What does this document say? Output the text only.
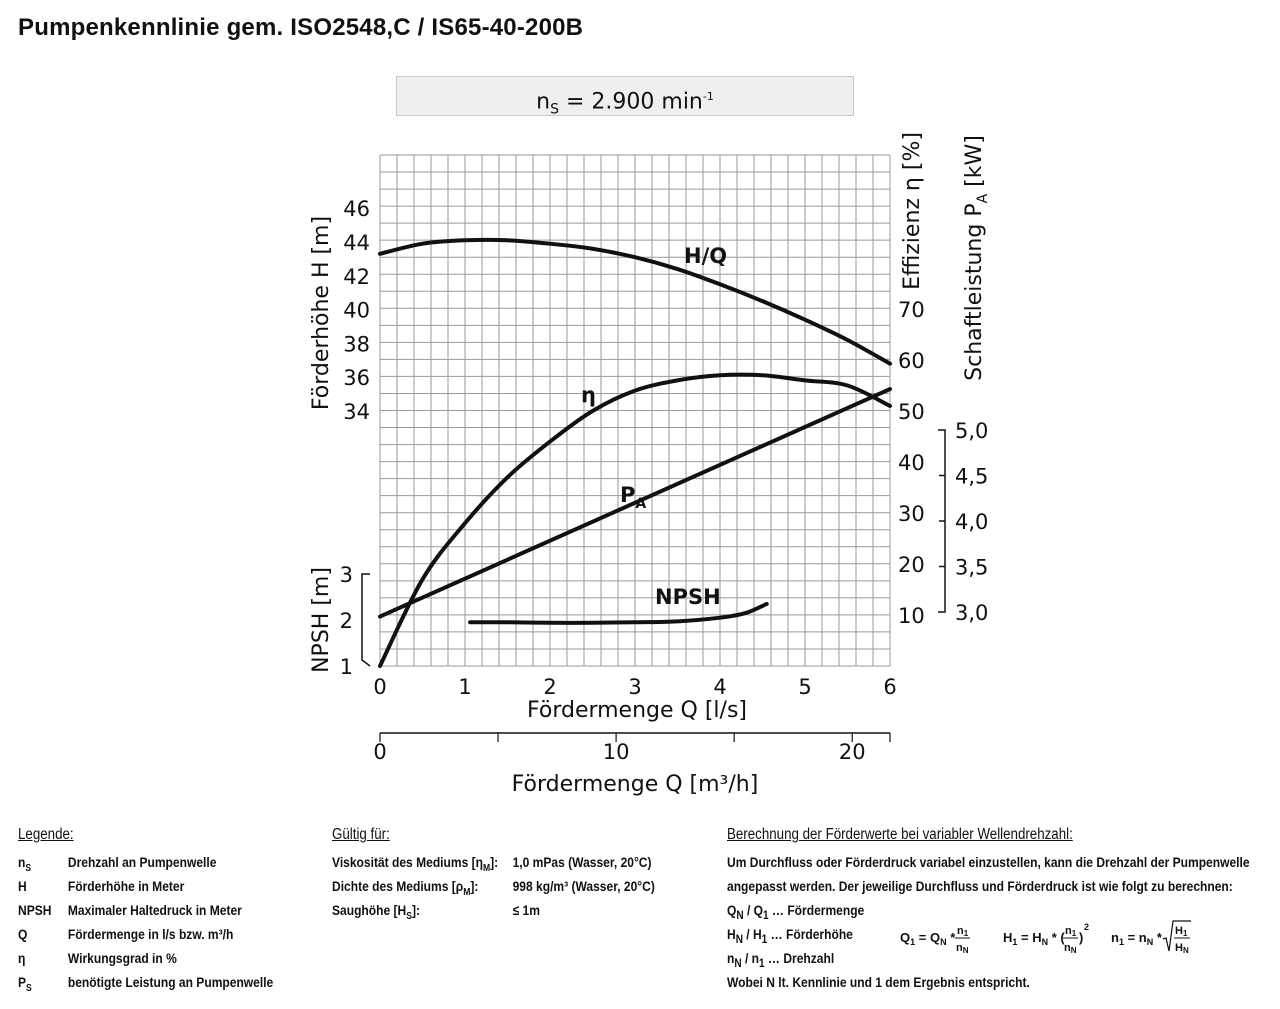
Pumpenkennlinie gem. ISO2548,C / IS65-40-200B
$n_S = 2.900$ $\min^{-1}$
0	1	2	3	4	5	6
Fördermenge Q [l/s]
0	10	20
Fördermenge Q [m³/h]
34
36
38
40
42
44
46
Förderhöhe H [m]
1
2
3
NPSH [m]	10
20
30
40
50
60
70
Effizienz η [%]
3,0
3,5
4,0
4,5
5,0
Schaftleistung $P_A$ [kW]
H/Q
η
$P_A$
NPSH
Legende:
$n_S$	Drehzahl an Pumpenwelle
H	Förderhöhe in Meter
NPSH	Maximaler Haltedruck in Meter
Q	Fördermenge in l/s bzw. m³/h
η	Wirkungsgrad in %
$P_S$	benötigte Leistung an Pumpenwelle
Gültig für:
Viskosität des Mediums $[\eta_M]$:	1,0 mPas (Wasser, 20°C)
Dichte des Mediums $[\rho_M]$:	998 kg/m³ (Wasser, 20°C)
Saughöhe $[H_S]$:	≤ 1m
Berechnung der Förderwerte bei variabler Wellendrehzahl:
Um Durchfluss oder Förderdruck variabel einzustellen, kann die Drehzahl der Pumpenwelle
angepasst werden. Der jeweilige Durchfluss und Förderdruck ist wie folgt zu berechnen:
$Q_N / Q_1$ … Fördermenge
$H_N / H_1$ … Förderhöhe
$n_N / n_1$ … Drehzahl
Wobei N lt. Kennlinie und 1 dem Ergebnis entspricht.
$Q_1 = Q_N * n1$
nN
$H_1 = H_N$ * ( n1
nN
)
2
$n_1 = n_N * H1$
HN
